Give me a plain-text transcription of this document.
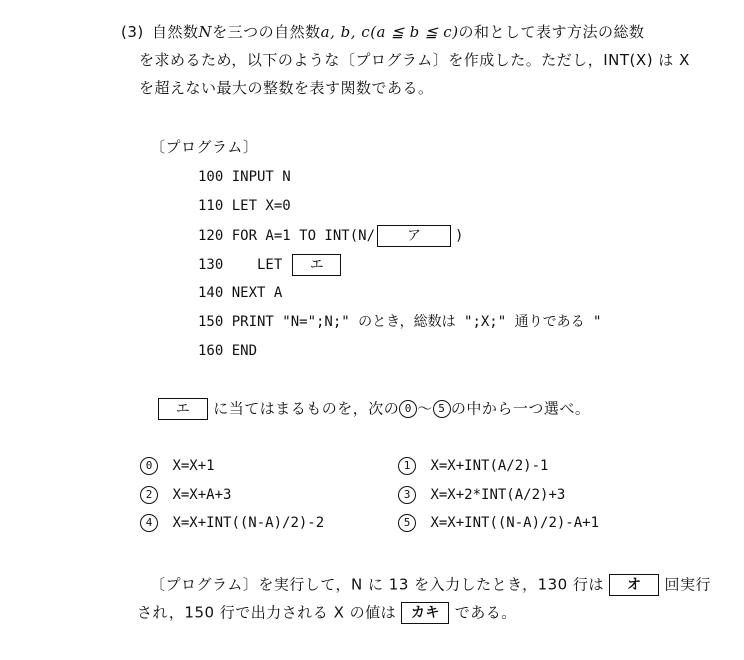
(3) 自然数Nを三つの自然数a, b, c(a ≦ b ≦ c)の和として表す方法の総数
を求めるため，以下のような〔プログラム〕を作成した。ただし，INT(X) は X
を超えない最大の整数を表す関数である。
〔プログラム〕
100 INPUT N
110 LET X=0
120 FOR A=1 TO INT(N/ ア )
130    LET エ
140 NEXT A
150 PRINT "N=";N;" のとき，総数は ";X;" 通りである "
160 END
エ に当てはまるものを，次の 0 ～ 5 の中から一つ選べ。
0 X=X+1	1 X=X+INT(A/2)-1
2 X=X+A+3	3 X=X+2*INT(A/2)+3
4 X=X+INT((N-A)/2)-2	5 X=X+INT((N-A)/2)-A+1
〔プログラム〕を実行して，N に 13 を入力したとき，130 行は オ 回実行
され，150 行で出力される X の値は カキ である。
